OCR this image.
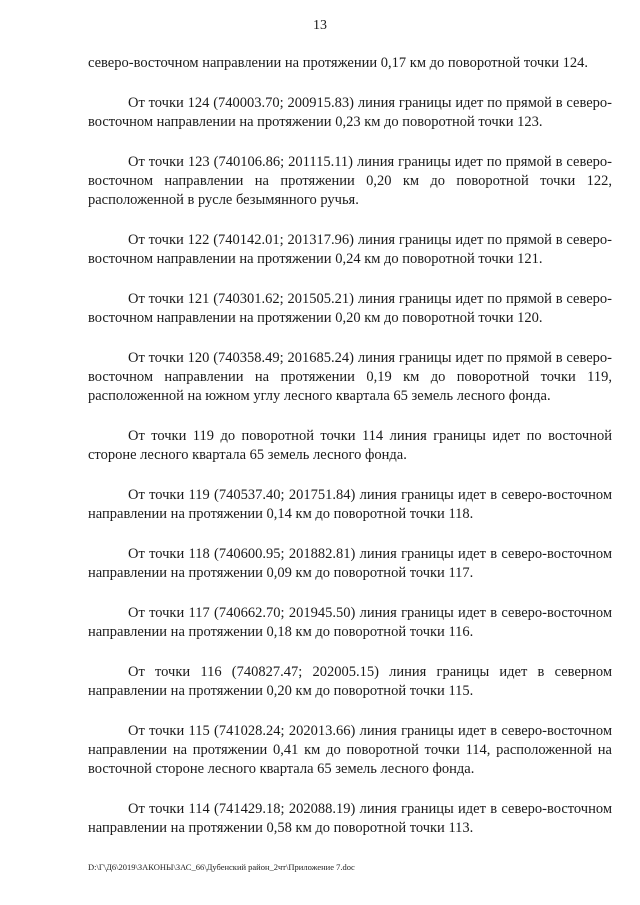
13

северо-восточном направлении на протяжении 0,17 км до поворотной точки 124.

От точки 124 (740003.70; 200915.83) линия границы идет по прямой в северо-восточном направлении на протяжении 0,23 км до поворотной точки 123.

От точки 123 (740106.86; 201115.11) линия границы идет по прямой в северо-восточном направлении на протяжении 0,20 км до поворотной точки 122, расположенной в русле безымянного ручья.

От точки 122 (740142.01; 201317.96) линия границы идет по прямой в северо-восточном направлении на протяжении 0,24 км до поворотной точки 121.

От точки 121 (740301.62; 201505.21) линия границы идет по прямой в северо-восточном направлении на протяжении 0,20 км до поворотной точки 120.

От точки 120 (740358.49; 201685.24) линия границы идет по прямой в северо-восточном направлении на протяжении 0,19 км до поворотной точки 119, расположенной на южном углу лесного квартала 65 земель лесного фонда.

От точки 119 до поворотной точки 114 линия границы идет по восточной стороне лесного квартала 65 земель лесного фонда.

От точки 119 (740537.40; 201751.84) линия границы идет в северо-восточном направлении на протяжении 0,14 км до поворотной точки 118.

От точки 118 (740600.95; 201882.81) линия границы идет в северо-восточном направлении на протяжении 0,09 км до поворотной точки 117.

От точки 117 (740662.70; 201945.50) линия границы идет в северо-восточном направлении на протяжении 0,18 км до поворотной точки 116.

От точки 116 (740827.47; 202005.15) линия границы идет в северном направлении на протяжении 0,20 км до поворотной точки 115.

От точки 115 (741028.24; 202013.66) линия границы идет в северо-восточном направлении на протяжении 0,41 км до поворотной точки 114, расположенной на восточной стороне лесного квартала 65 земель лесного фонда.

От точки 114 (741429.18; 202088.19) линия границы идет в северо-восточном направлении на протяжении 0,58 км до поворотной точки 113.

D:\Г\Д6\2019\ЗАКОНЫ\ЗАС_66\Дубенский район_2чт\Приложение 7.doc
